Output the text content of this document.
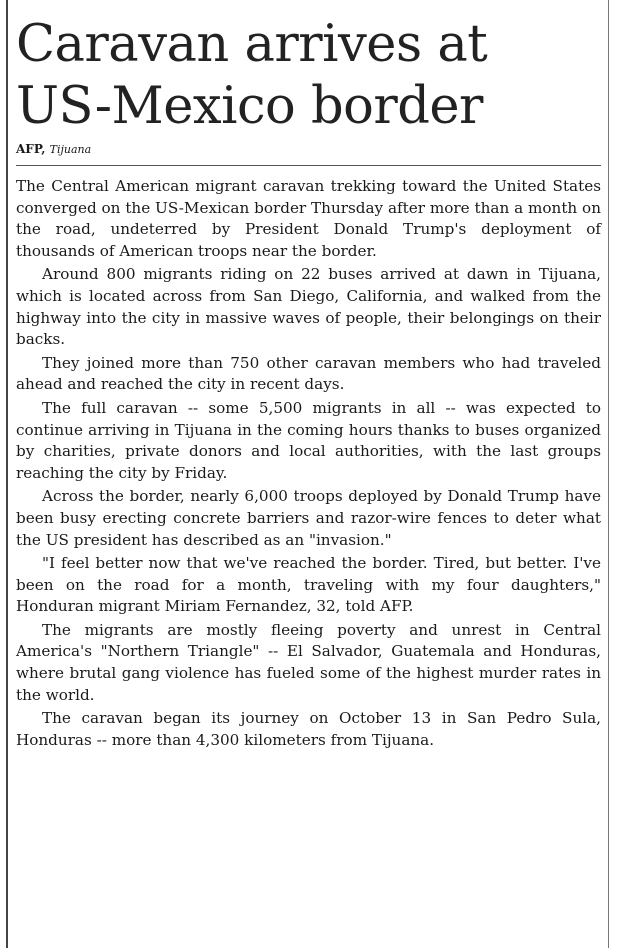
Caravan arrives at
US-Mexico border
AFP, Tijuana

The Central American migrant caravan trekking toward the United States converged on the US-Mexican border Thursday after more than a month on the road, undeterred by President Donald Trump's deployment of thousands of American troops near the border.

Around 800 migrants riding on 22 buses arrived at dawn in Tijuana, which is located across from San Diego, California, and walked from the highway into the city in massive waves of people, their belongings on their backs.

They joined more than 750 other caravan members who had traveled ahead and reached the city in recent days.

The full caravan -- some 5,500 migrants in all -- was expected to continue arriving in Tijuana in the coming hours thanks to buses organized by charities, private donors and local authorities, with the last groups reaching the city by Friday.

Across the border, nearly 6,000 troops deployed by Donald Trump have been busy erecting concrete barriers and razor-wire fences to deter what the US president has described as an "invasion."

"I feel better now that we've reached the border. Tired, but better. I've been on the road for a month, traveling with my four daughters," Honduran migrant Miriam Fernandez, 32, told AFP.

The migrants are mostly fleeing poverty and unrest in Central America's "Northern Triangle" -- El Salvador, Guatemala and Honduras, where brutal gang violence has fueled some of the highest murder rates in the world.

The caravan began its journey on October 13 in San Pedro Sula, Honduras -- more than 4,300 kilometers from Tijuana.
